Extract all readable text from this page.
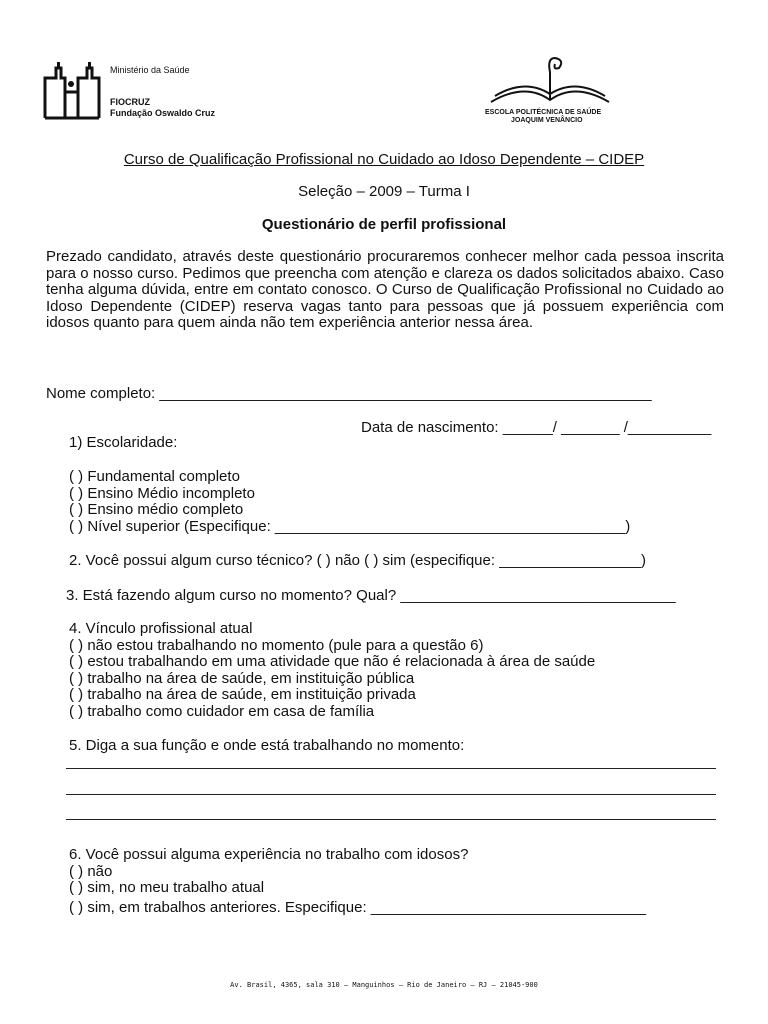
Ministério da Saúde
FIOCRUZ
Fundação Oswaldo Cruz	ESCOLA POLITÉCNICA DE SAÚDE
JOAQUIM VENÂNCIO
Curso de Qualificação Profissional no Cuidado ao Idoso Dependente – CIDEP
Seleção – 2009 – Turma I
Questionário de perfil profissional
Prezado candidato, através deste questionário procuraremos conhecer melhor cada pessoa inscrita para o nosso curso. Pedimos que preencha com atenção e clareza os dados solicitados abaixo. Caso tenha alguma dúvida, entre em contato conosco. O Curso de Qualificação Profissional no Cuidado ao Idoso Dependente (CIDEP) reserva vagas tanto para pessoas que já possuem experiência com idosos quanto para quem ainda não tem experiência anterior nessa área.
Nome completo: ___________________________________________________________
Data de nascimento: ______/ _______ /__________
1) Escolaridade:
( ) Fundamental completo
( ) Ensino Médio incompleto
( ) Ensino médio completo
( ) Nível superior (Especifique: __________________________________________)
2. Você possui algum curso técnico? ( ) não ( ) sim (especifique: _________________)
3. Está fazendo algum curso no momento? Qual? _________________________________
4. Vínculo profissional atual
( ) não estou trabalhando no momento (pule para a questão 6)
( ) estou trabalhando em uma atividade que não é relacionada à área de saúde
( ) trabalho na área de saúde, em instituição pública
( ) trabalho na área de saúde, em instituição privada
( ) trabalho como cuidador em casa de família
5. Diga a sua função e onde está trabalhando no momento:
6. Você possui alguma experiência no trabalho com idosos?
( ) não
( ) sim, no meu trabalho atual
( ) sim, em trabalhos anteriores. Especifique: _________________________________
Av. Brasil, 4365, sala 310 – Manguinhos – Rio de Janeiro – RJ – 21045-900
